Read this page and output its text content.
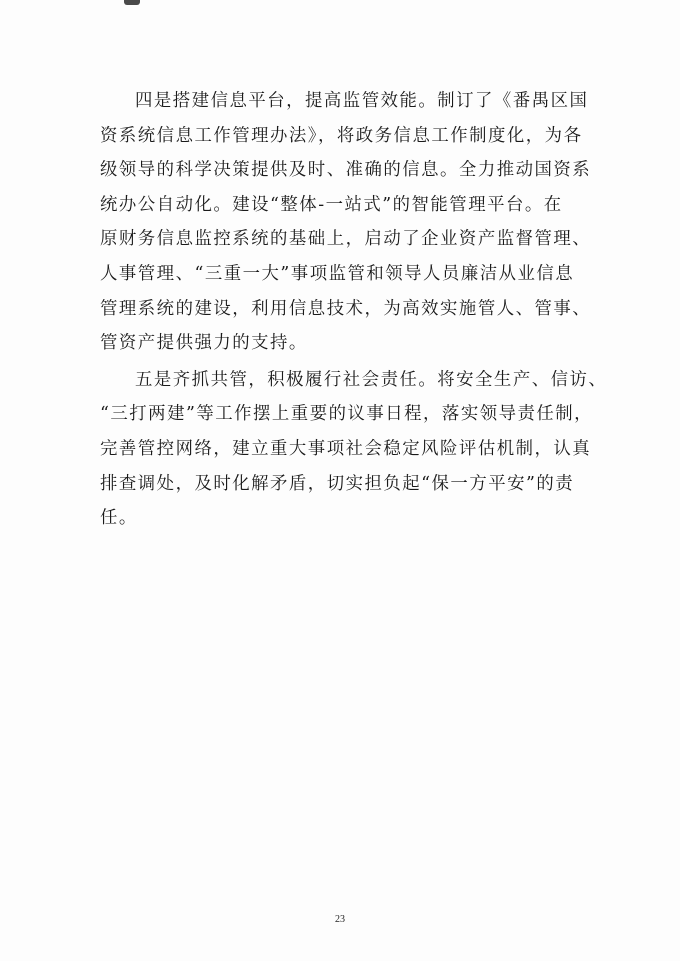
四是搭建信息平台，提高监管效能。制订了《番禺区国
资系统信息工作管理办法》，将政务信息工作制度化，为各
级领导的科学决策提供及时、准确的信息。全力推动国资系
统办公自动化。建设“整体-一站式”的智能管理平台。在
原财务信息监控系统的基础上，启动了企业资产监督管理、
人事管理、“三重一大”事项监管和领导人员廉洁从业信息
管理系统的建设，利用信息技术，为高效实施管人、管事、
管资产提供强力的支持。
五是齐抓共管，积极履行社会责任。将安全生产、信访、
“三打两建”等工作摆上重要的议事日程，落实领导责任制，
完善管控网络，建立重大事项社会稳定风险评估机制，认真
排查调处，及时化解矛盾，切实担负起“保一方平安”的责
任。
23
